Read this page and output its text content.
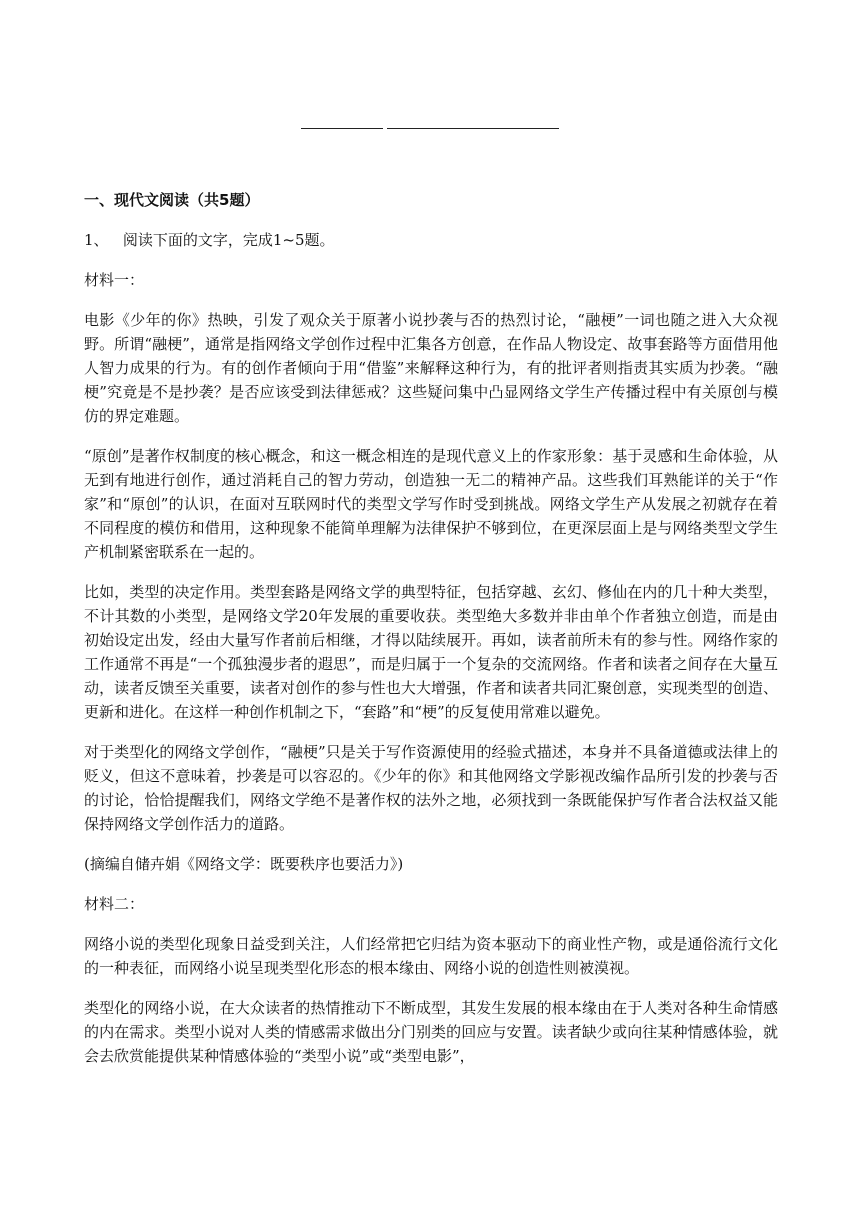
一、现代文阅读（共5题）
1、 阅读下面的文字，完成1~5题。

材料一：

电影《少年的你》热映，引发了观众关于原著小说抄袭与否的热烈讨论，“融梗”一词也随之进入大众视野。所谓“融梗”，通常是指网络文学创作过程中汇集各方创意，在作品人物设定、故事套路等方面借用他人智力成果的行为。有的创作者倾向于用“借鉴”来解释这种行为，有的批评者则指责其实质为抄袭。“融梗”究竟是不是抄袭？是否应该受到法律惩戒？这些疑问集中凸显网络文学生产传播过程中有关原创与模仿的界定难题。

“原创”是著作权制度的核心概念，和这一概念相连的是现代意义上的作家形象：基于灵感和生命体验，从无到有地进行创作，通过消耗自己的智力劳动，创造独一无二的精神产品。这些我们耳熟能详的关于“作家”和“原创”的认识，在面对互联网时代的类型文学写作时受到挑战。网络文学生产从发展之初就存在着不同程度的模仿和借用，这种现象不能简单理解为法律保护不够到位，在更深层面上是与网络类型文学生产机制紧密联系在一起的。

比如，类型的决定作用。类型套路是网络文学的典型特征，包括穿越、玄幻、修仙在内的几十种大类型，不计其数的小类型，是网络文学20年发展的重要收获。类型绝大多数并非由单个作者独立创造，而是由初始设定出发，经由大量写作者前后相继，才得以陆续展开。再如，读者前所未有的参与性。网络作家的工作通常不再是“一个孤独漫步者的遐思”，而是归属于一个复杂的交流网络。作者和读者之间存在大量互动，读者反馈至关重要，读者对创作的参与性也大大增强，作者和读者共同汇聚创意，实现类型的创造、更新和进化。在这样一种创作机制之下，“套路”和“梗”的反复使用常难以避免。

对于类型化的网络文学创作，“融梗”只是关于写作资源使用的经验式描述，本身并不具备道德或法律上的贬义，但这不意味着，抄袭是可以容忍的。《少年的你》和其他网络文学影视改编作品所引发的抄袭与否的讨论，恰恰提醒我们，网络文学绝不是著作权的法外之地，必须找到一条既能保护写作者合法权益又能保持网络文学创作活力的道路。

(摘编自储卉娟《网络文学：既要秩序也要活力》)

材料二：

网络小说的类型化现象日益受到关注，人们经常把它归结为资本驱动下的商业性产物，或是通俗流行文化的一种表征，而网络小说呈现类型化形态的根本缘由、网络小说的创造性则被漠视。

类型化的网络小说，在大众读者的热情推动下不断成型，其发生发展的根本缘由在于人类对各种生命情感的内在需求。类型小说对人类的情感需求做出分门别类的回应与安置。读者缺少或向往某种情感体验，就会去欣赏能提供某种情感体验的“类型小说”或“类型电影”，
